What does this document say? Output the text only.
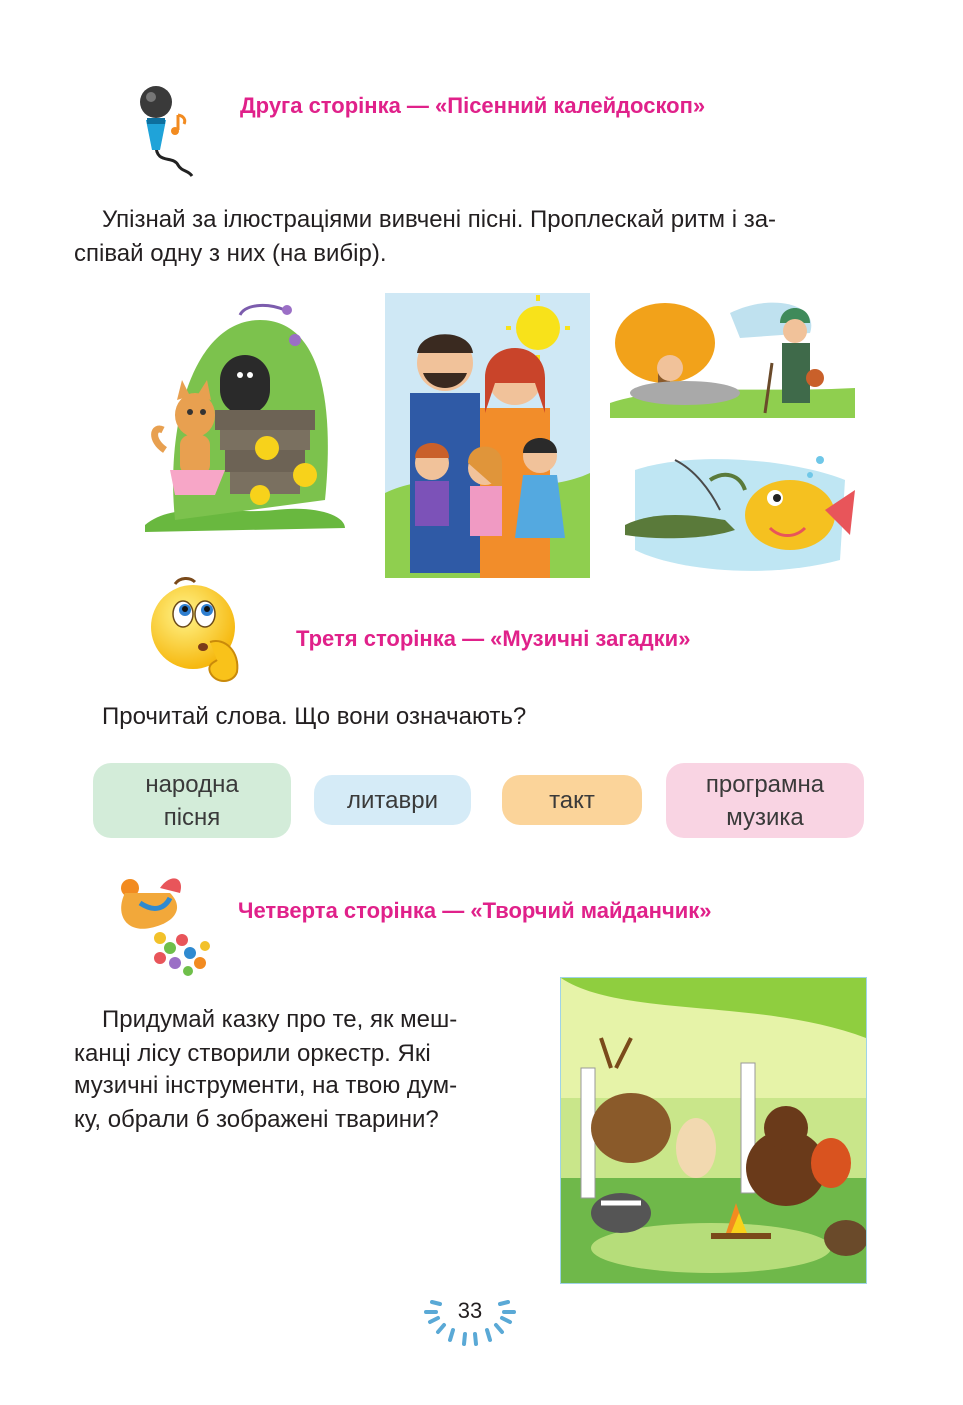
Друга сторінка — «Пісенний калейдоскоп»
Упізнай за ілюстраціями вивчені пісні. Проплескай ритм і за-
співай одну з них (на вибір).
Третя сторінка — «Музичні загадки»
Прочитай слова. Що вони означають?
народна
пісня
литаври	такт
програмна
музика
Четверта сторінка — «Творчий майданчик»
Придумай казку про те, як меш-
канці лісу створили оркестр. Які
музичні інструменти, на твою дум-
ку, обрали б зображені тварини?
33
